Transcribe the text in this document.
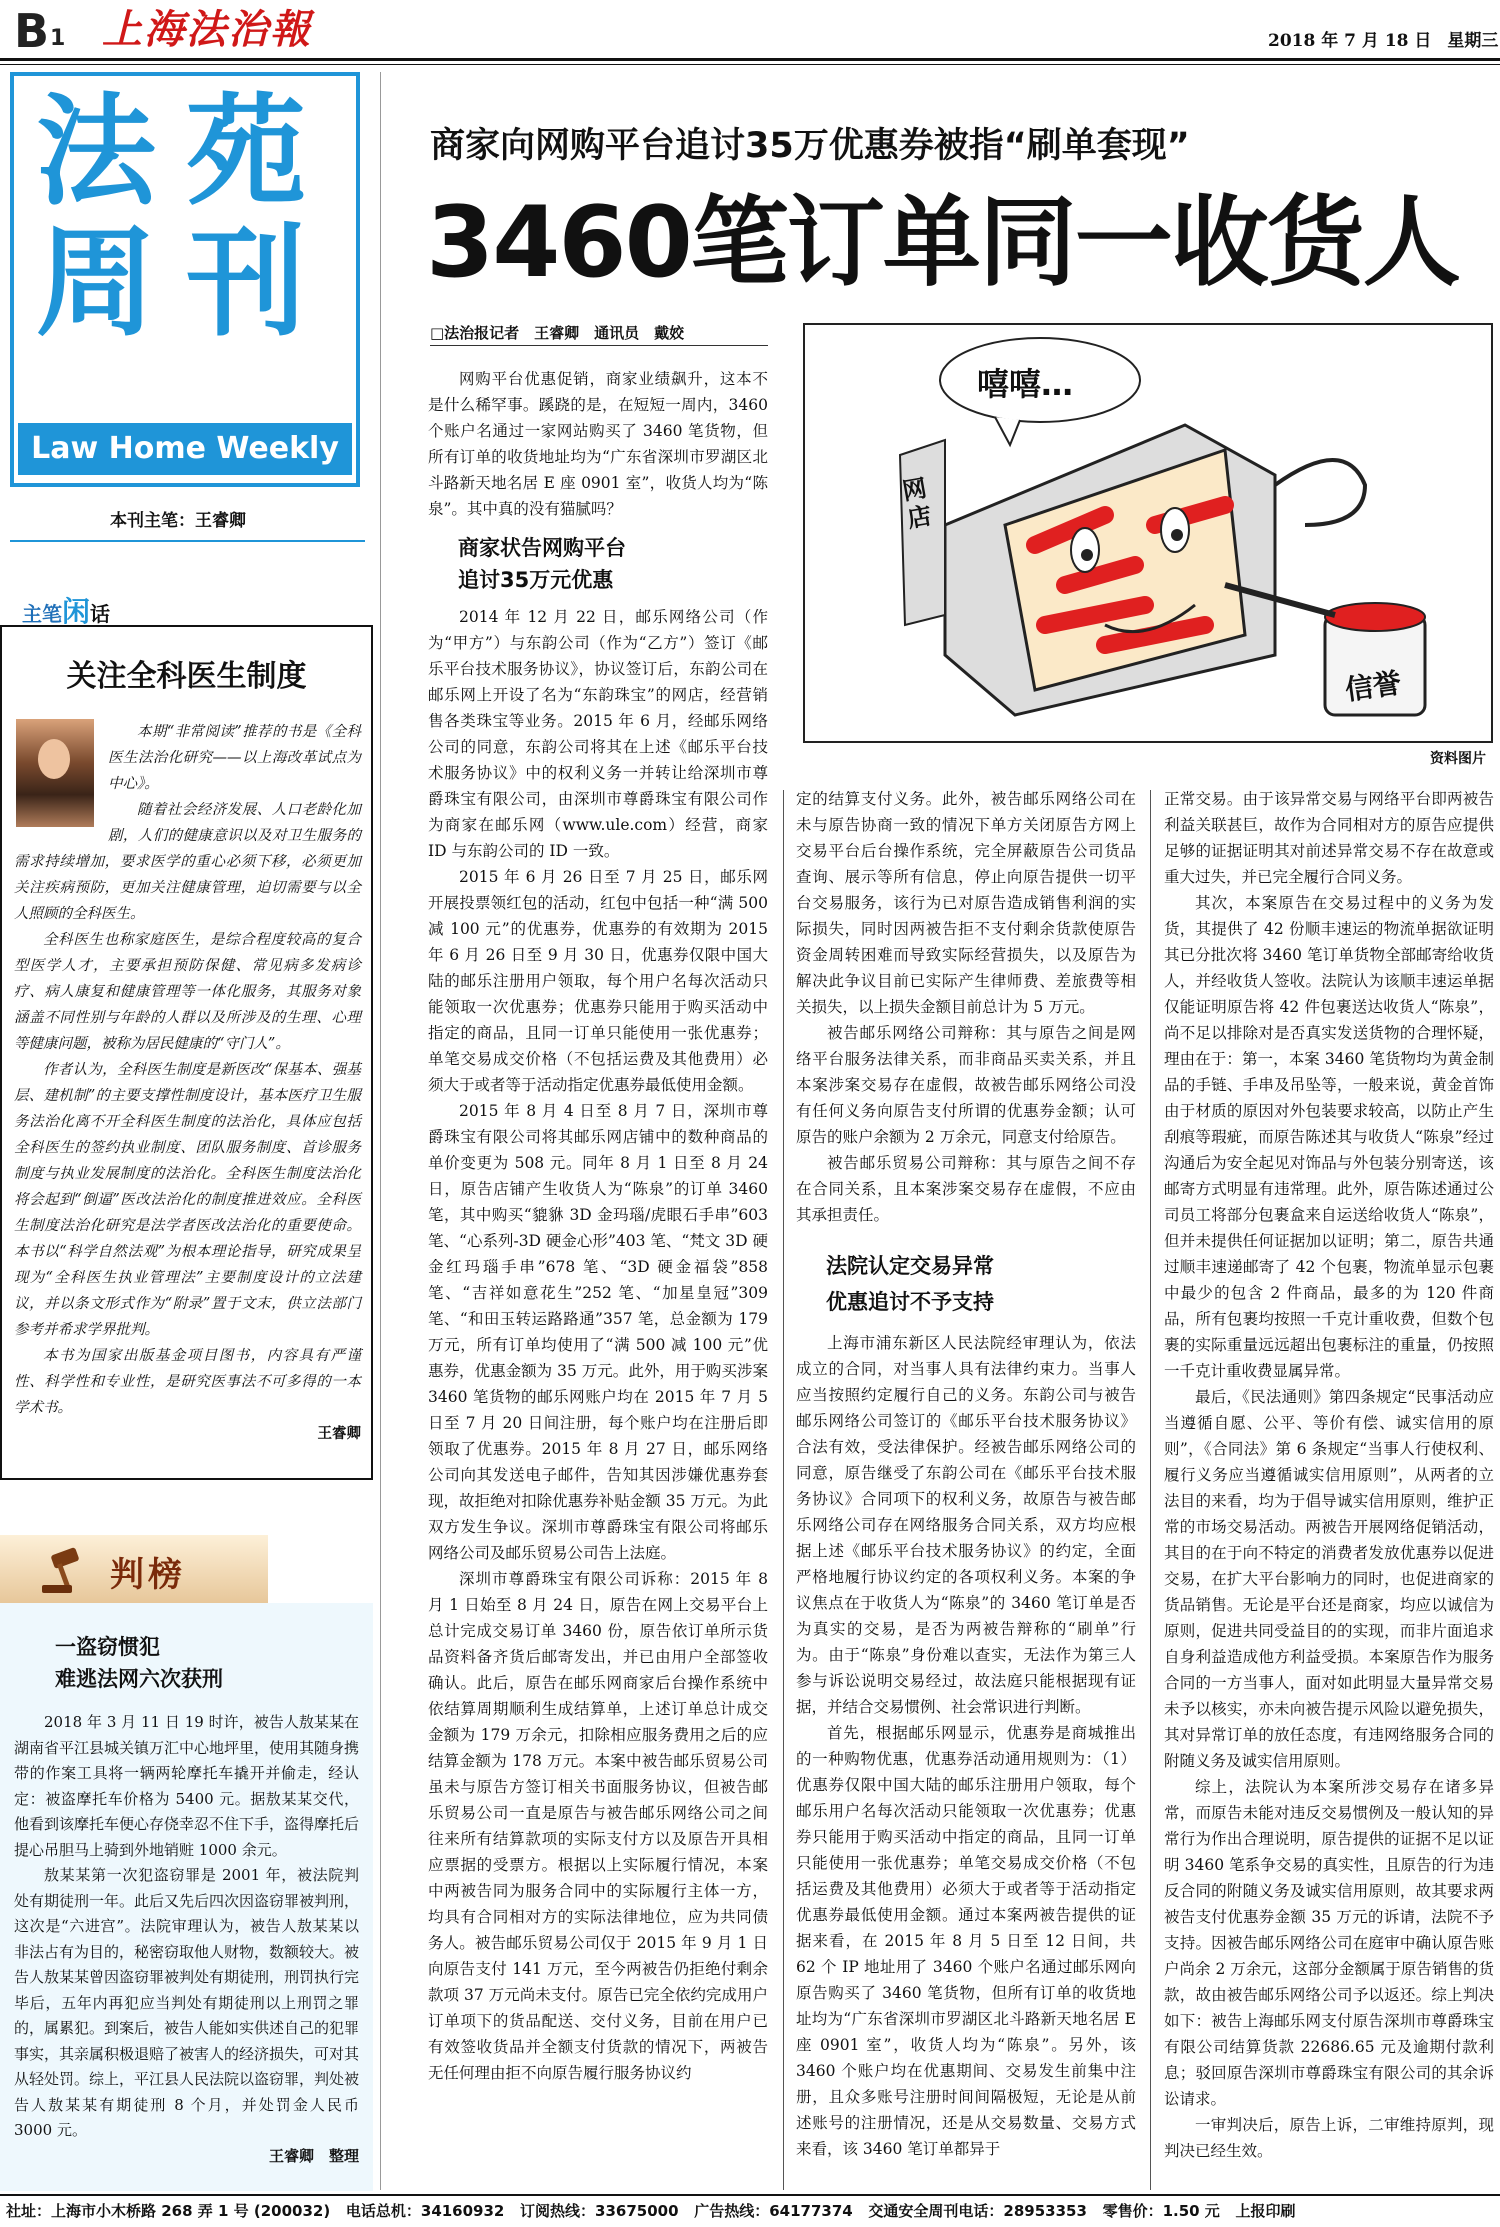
B 1 上海法治報	2018 年 7 月 18 日 星期三
法苑
周刊
Law Home Weekly
本刊主笔：王睿卿
主笔闲话
关注全科医生制度

本期“非常阅读”推荐的书是《全科医生法治化研究——以上海改革试点为中心》。

随着社会经济发展、人口老龄化加剧，人们的健康意识以及对卫生服务的需求持续增加，要求医学的重心必须下移，必须更加关注疾病预防，更加关注健康管理，迫切需要与以全人照顾的全科医生。

全科医生也称家庭医生，是综合程度较高的复合型医学人才，主要承担预防保健、常见病多发病诊疗、病人康复和健康管理等一体化服务，其服务对象涵盖不同性别与年龄的人群以及所涉及的生理、心理等健康问题，被称为居民健康的“守门人”。

作者认为，全科医生制度是新医改“保基本、强基层、建机制”的主要支撑性制度设计，基本医疗卫生服务法治化离不开全科医生制度的法治化，具体应包括全科医生的签约执业制度、团队服务制度、首诊服务制度与执业发展制度的法治化。全科医生制度法治化将会起到“倒逼”医改法治化的制度推进效应。全科医生制度法治化研究是法学者医改法治化的重要使命。本书以“科学自然法观”为根本理论指导，研究成果呈现为“全科医生执业管理法”主要制度设计的立法建议，并以条文形式作为“附录”置于文末，供立法部门参考并希求学界批判。

本书为国家出版基金项目图书，内容具有严谨性、科学性和专业性，是研究医事法不可多得的一本学术书。

王睿卿
判榜
一盗窃惯犯
难逃法网六次获刑

2018 年 3 月 11 日 19 时许，被告人敖某某在湖南省平江县城关镇万汇中心地坪里，使用其随身携带的作案工具将一辆两轮摩托车撬开并偷走，经认定：被盗摩托车价格为 5400 元。据敖某某交代，他看到该摩托车便心存侥幸忍不住下手，盗得摩托后提心吊胆马上骑到外地销赃 1000 余元。

敖某某第一次犯盗窃罪是 2001 年，被法院判处有期徒刑一年。此后又先后四次因盗窃罪被判刑，这次是“六进宫”。法院审理认为，被告人敖某某以非法占有为目的，秘密窃取他人财物，数额较大。被告人敖某某曾因盗窃罪被判处有期徒刑，刑罚执行完毕后，五年内再犯应当判处有期徒刑以上刑罚之罪的，属累犯。到案后，被告人能如实供述自己的犯罪事实，其亲属积极退赔了被害人的经济损失，可对其从轻处罚。综上，平江县人民法院以盗窃罪，判处被告人敖某某有期徒刑 8 个月，并处罚金人民币 3000 元。

王睿卿　整理
商家向网购平台追讨35万优惠券被指“刷单套现”
3460笔订单同一收货人
□法治报记者　王睿卿　通讯员　戴姣
嘻嘻…
网店
信誉
资料图片

网购平台优惠促销，商家业绩飙升，这本不是什么稀罕事。蹊跷的是，在短短一周内，3460 个账户名通过一家网站购买了 3460 笔货物，但所有订单的收货地址均为“广东省深圳市罗湖区北斗路新天地名居 E 座 0901 室”，收货人均为“陈泉”。其中真的没有猫腻吗？

商家状告网购平台
追讨35万元优惠

2014 年 12 月 22 日，邮乐网络公司（作为“甲方”）与东韵公司（作为“乙方”）签订《邮乐平台技术服务协议》，协议签订后，东韵公司在邮乐网上开设了名为“东韵珠宝”的网店，经营销售各类珠宝等业务。2015 年 6 月，经邮乐网络公司的同意，东韵公司将其在上述《邮乐平台技术服务协议》中的权利义务一并转让给深圳市尊爵珠宝有限公司，由深圳市尊爵珠宝有限公司作为商家在邮乐网（www.ule.com）经营，商家 ID 与东韵公司的 ID 一致。

2015 年 6 月 26 日至 7 月 25 日，邮乐网开展投票领红包的活动，红包中包括一种“满 500 减 100 元”的优惠券，优惠券的有效期为 2015 年 6 月 26 日至 9 月 30 日，优惠券仅限中国大陆的邮乐注册用户领取，每个用户名每次活动只能领取一次优惠券；优惠券只能用于购买活动中指定的商品，且同一订单只能使用一张优惠券；单笔交易成交价格（不包括运费及其他费用）必须大于或者等于活动指定优惠券最低使用金额。

2015 年 8 月 4 日至 8 月 7 日，深圳市尊爵珠宝有限公司将其邮乐网店铺中的数种商品的单价变更为 508 元。同年 8 月 1 日至 8 月 24 日，原告店铺产生收货人为“陈泉”的订单 3460 笔，其中购买“貔貅 3D 金玛瑙/虎眼石手串”603 笔、“心系列-3D 硬金心形”403 笔、“梵文 3D 硬金红玛瑙手串”678 笔、“3D 硬金福袋”858 笔、“吉祥如意花生”252 笔、“加星皇冠”309 笔、“和田玉转运路路通”357 笔，总金额为 179 万元，所有订单均使用了“满 500 减 100 元”优惠券，优惠金额为 35 万元。此外，用于购买涉案 3460 笔货物的邮乐网账户均在 2015 年 7 月 5 日至 7 月 20 日间注册，每个账户均在注册后即领取了优惠券。2015 年 8 月 27 日，邮乐网络公司向其发送电子邮件，告知其因涉嫌优惠券套现，故拒绝对扣除优惠券补贴金额 35 万元。为此双方发生争议。深圳市尊爵珠宝有限公司将邮乐网络公司及邮乐贸易公司告上法庭。

深圳市尊爵珠宝有限公司诉称：2015 年 8 月 1 日始至 8 月 24 日，原告在网上交易平台上总计完成交易订单 3460 份，原告依订单所示货品资料备齐货后邮寄发出，并已由用户全部签收确认。此后，原告在邮乐网商家后台操作系统中依结算周期顺利生成结算单，上述订单总计成交金额为 179 万余元，扣除相应服务费用之后的应结算金额为 178 万元。本案中被告邮乐贸易公司虽未与原告方签订相关书面服务协议，但被告邮乐贸易公司一直是原告与被告邮乐网络公司之间往来所有结算款项的实际支付方以及原告开具相应票据的受票方。根据以上实际履行情况，本案中两被告同为服务合同中的实际履行主体一方，均具有合同相对方的实际法律地位，应为共同债务人。被告邮乐贸易公司仅于 2015 年 9 月 1 日向原告支付 141 万元，至今两被告仍拒绝付剩余款项 37 万元尚未支付。原告已完全依约完成用户订单项下的货品配送、交付义务，目前在用户已有效签收货品并全额支付货款的情况下，两被告无任何理由拒不向原告履行服务协议约

定的结算支付义务。此外，被告邮乐网络公司在未与原告协商一致的情况下单方关闭原告方网上交易平台后台操作系统，完全屏蔽原告公司货品查询、展示等所有信息，停止向原告提供一切平台交易服务，该行为已对原告造成销售利润的实际损失，同时因两被告拒不支付剩余货款使原告资金周转困难而导致实际经营损失，以及原告为解决此争议目前已实际产生律师费、差旅费等相关损失，以上损失金额目前总计为 5 万元。

被告邮乐网络公司辩称：其与原告之间是网络平台服务法律关系，而非商品买卖关系，并且本案涉案交易存在虚假，故被告邮乐网络公司没有任何义务向原告支付所谓的优惠券金额；认可原告的账户余额为 2 万余元，同意支付给原告。

被告邮乐贸易公司辩称：其与原告之间不存在合同关系，且本案涉案交易存在虚假，不应由其承担责任。

法院认定交易异常
优惠追讨不予支持

上海市浦东新区人民法院经审理认为，依法成立的合同，对当事人具有法律约束力。当事人应当按照约定履行自己的义务。东韵公司与被告邮乐网络公司签订的《邮乐平台技术服务协议》合法有效，受法律保护。经被告邮乐网络公司的同意，原告继受了东韵公司在《邮乐平台技术服务协议》合同项下的权利义务，故原告与被告邮乐网络公司存在网络服务合同关系，双方均应根据上述《邮乐平台技术服务协议》的约定，全面严格地履行协议约定的各项权利义务。本案的争议焦点在于收货人为“陈泉”的 3460 笔订单是否为真实的交易，是否为两被告辩称的“刷单”行为。由于“陈泉”身份难以查实，无法作为第三人参与诉讼说明交易经过，故法庭只能根据现有证据，并结合交易惯例、社会常识进行判断。

首先，根据邮乐网显示，优惠券是商城推出的一种购物优惠，优惠券活动通用规则为：（1）优惠券仅限中国大陆的邮乐注册用户领取，每个邮乐用户名每次活动只能领取一次优惠券；优惠券只能用于购买活动中指定的商品，且同一订单只能使用一张优惠券；单笔交易成交价格（不包括运费及其他费用）必须大于或者等于活动指定优惠券最低使用金额。通过本案两被告提供的证据来看，在 2015 年 8 月 5 日至 12 日间，共 62 个 IP 地址用了 3460 个账户名通过邮乐网向原告购买了 3460 笔货物，但所有订单的收货地址均为“广东省深圳市罗湖区北斗路新天地名居 E 座 0901 室”，收货人均为“陈泉”。另外，该 3460 个账户均在优惠期间、交易发生前集中注册，且众多账号注册时间间隔极短，无论是从前述账号的注册情况，还是从交易数量、交易方式来看，该 3460 笔订单都异于

正常交易。由于该异常交易与网络平台即两被告利益关联甚巨，故作为合同相对方的原告应提供足够的证据证明其对前述异常交易不存在故意或重大过失，并已完全履行合同义务。

其次，本案原告在交易过程中的义务为发货，其提供了 42 份顺丰速运的物流单据欲证明其已分批次将 3460 笔订单货物全部邮寄给收货人，并经收货人签收。法院认为该顺丰速运单据仅能证明原告将 42 件包裹送达收货人“陈泉”，尚不足以排除对是否真实发送货物的合理怀疑，理由在于：第一，本案 3460 笔货物均为黄金制品的手链、手串及吊坠等，一般来说，黄金首饰由于材质的原因对外包装要求较高，以防止产生刮痕等瑕疵，而原告陈述其与收货人“陈泉”经过沟通后为安全起见对饰品与外包装分别寄送，该邮寄方式明显有违常理。此外，原告陈述通过公司员工将部分包裹盒来自运送给收货人“陈泉”，但并未提供任何证据加以证明；第二，原告共通过顺丰速递邮寄了 42 个包裹，物流单显示包裹中最少的包含 2 件商品，最多的为 120 件商品，所有包裹均按照一千克计重收费，但数个包裹的实际重量远远超出包裹标注的重量，仍按照一千克计重收费显属异常。

最后，《民法通则》第四条规定“民事活动应当遵循自愿、公平、等价有偿、诚实信用的原则”，《合同法》第 6 条规定“当事人行使权利、履行义务应当遵循诚实信用原则”，从两者的立法目的来看，均为于倡导诚实信用原则，维护正常的市场交易活动。两被告开展网络促销活动，其目的在于向不特定的消费者发放优惠券以促进交易，在扩大平台影响力的同时，也促进商家的货品销售。无论是平台还是商家，均应以诚信为原则，促进共同受益目的的实现，而非片面追求自身利益造成他方利益受损。本案原告作为服务合同的一方当事人，面对如此明显大量异常交易未予以核实，亦未向被告提示风险以避免损失，其对异常订单的放任态度，有违网络服务合同的附随义务及诚实信用原则。

综上，法院认为本案所涉交易存在诸多异常，而原告未能对违反交易惯例及一般认知的异常行为作出合理说明，原告提供的证据不足以证明 3460 笔系争交易的真实性，且原告的行为违反合同的附随义务及诚实信用原则，故其要求两被告支付优惠券金额 35 万元的诉请，法院不予支持。因被告邮乐网络公司在庭审中确认原告账户尚余 2 万余元，这部分金额属于原告销售的货款，故由被告邮乐网络公司予以返还。综上判决如下：被告上海邮乐网支付原告深圳市尊爵珠宝有限公司结算货款 22686.65 元及逾期付款利息；驳回原告深圳市尊爵珠宝有限公司的其余诉讼请求。

一审判决后，原告上诉，二审维持原判，现判决已经生效。

社址：上海市小木桥路 268 弄 1 号 (200032) 电话总机：34160932 订阅热线：33675000 广告热线：64177374 交通安全周刊电话：28953353 零售价：1.50 元 上报印刷
